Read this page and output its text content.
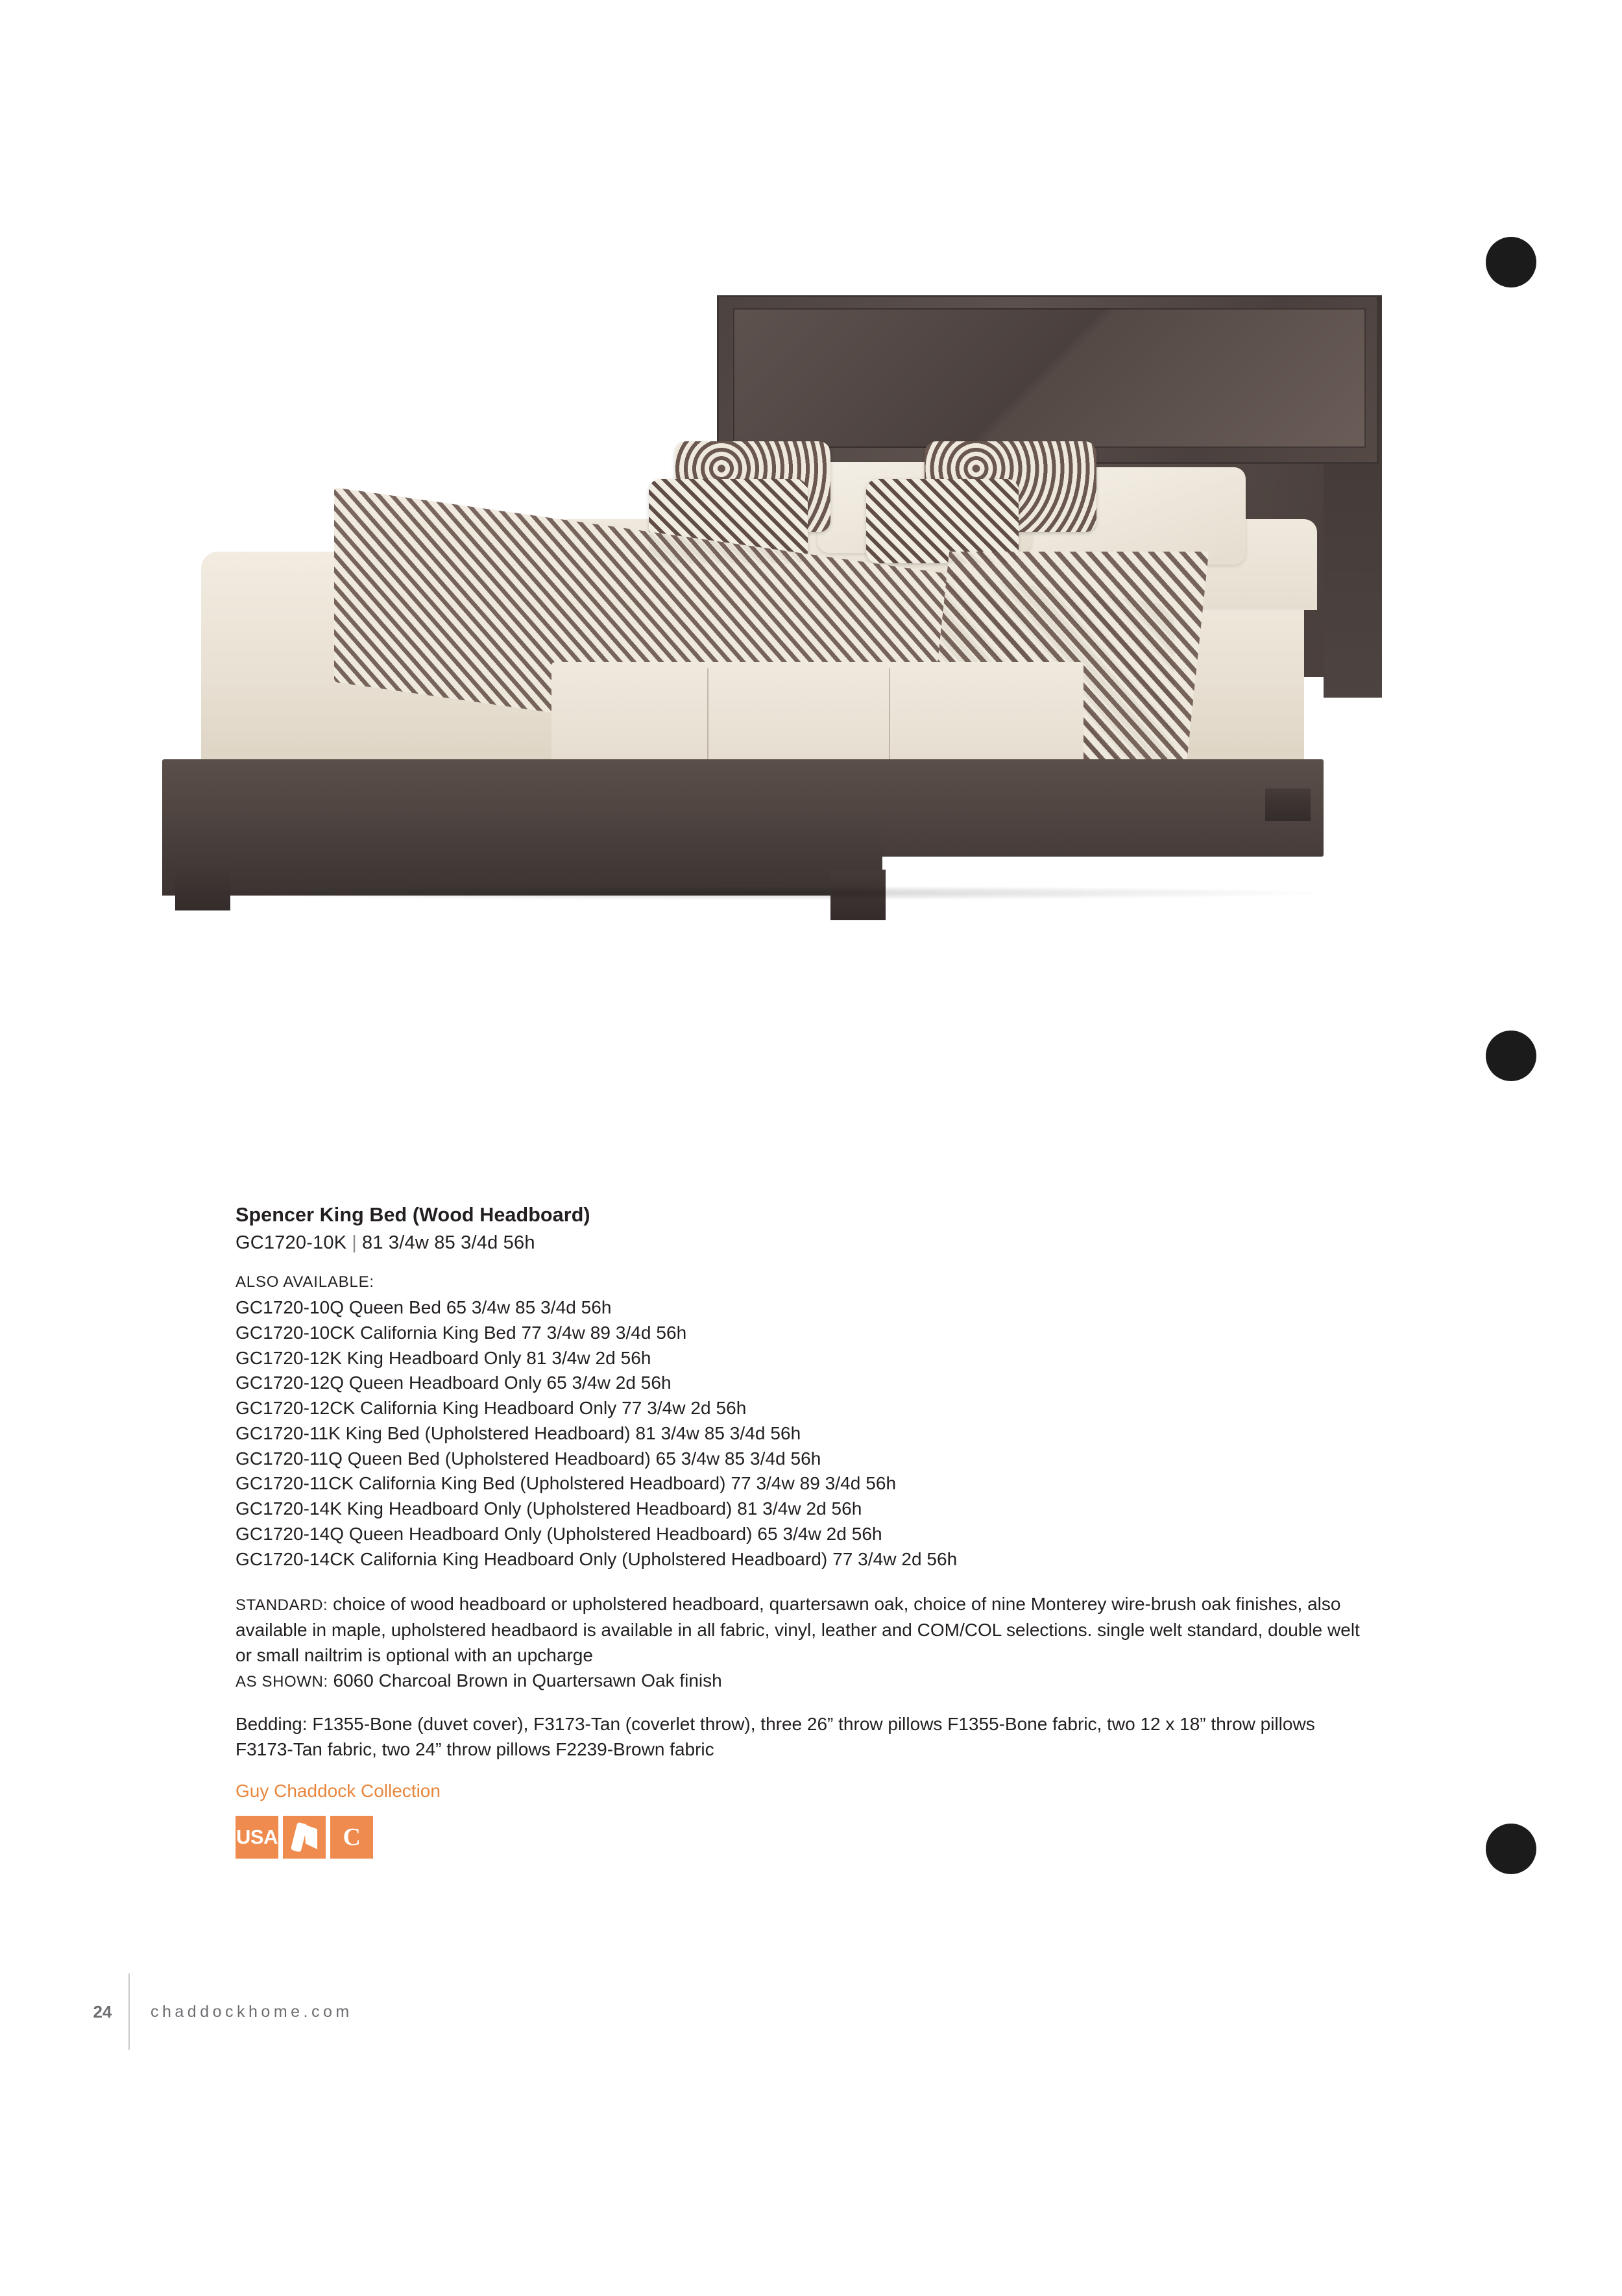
Spencer King Bed (Wood Headboard)

GC1720-10K | 81 3/4w 85 3/4d 56h

ALSO AVAILABLE:

GC1720-10Q Queen Bed 65 3/4w 85 3/4d 56h
GC1720-10CK California King Bed 77 3/4w 89 3/4d 56h
GC1720-12K King Headboard Only 81 3/4w 2d 56h
GC1720-12Q Queen Headboard Only 65 3/4w 2d 56h
GC1720-12CK California King Headboard Only 77 3/4w 2d 56h
GC1720-11K King Bed (Upholstered Headboard) 81 3/4w 85 3/4d 56h
GC1720-11Q Queen Bed (Upholstered Headboard) 65 3/4w 85 3/4d 56h
GC1720-11CK California King Bed (Upholstered Headboard) 77 3/4w 89 3/4d 56h
GC1720-14K King Headboard Only (Upholstered Headboard) 81 3/4w 2d 56h
GC1720-14Q Queen Headboard Only (Upholstered Headboard) 65 3/4w 2d 56h
GC1720-14CK California King Headboard Only (Upholstered Headboard) 77 3/4w 2d 56h

STANDARD: choice of wood headboard or upholstered headboard, quartersawn oak, choice of nine Monterey wire-brush oak finishes, also available in maple, upholstered headbaord is available in all fabric, vinyl, leather and COM/COL selections. single welt standard, double welt or small nailtrim is optional with an upcharge
AS SHOWN: 6060 Charcoal Brown in Quartersawn Oak finish

Bedding: F1355-Bone (duvet cover), F3173-Tan (coverlet throw), three 26” throw pillows F1355-Bone fabric, two 12 x 18” throw pillows F3173-Tan fabric, two 24” throw pillows F2239-Brown fabric

Guy Chaddock Collection

USA	C
24	chaddockhome.com
